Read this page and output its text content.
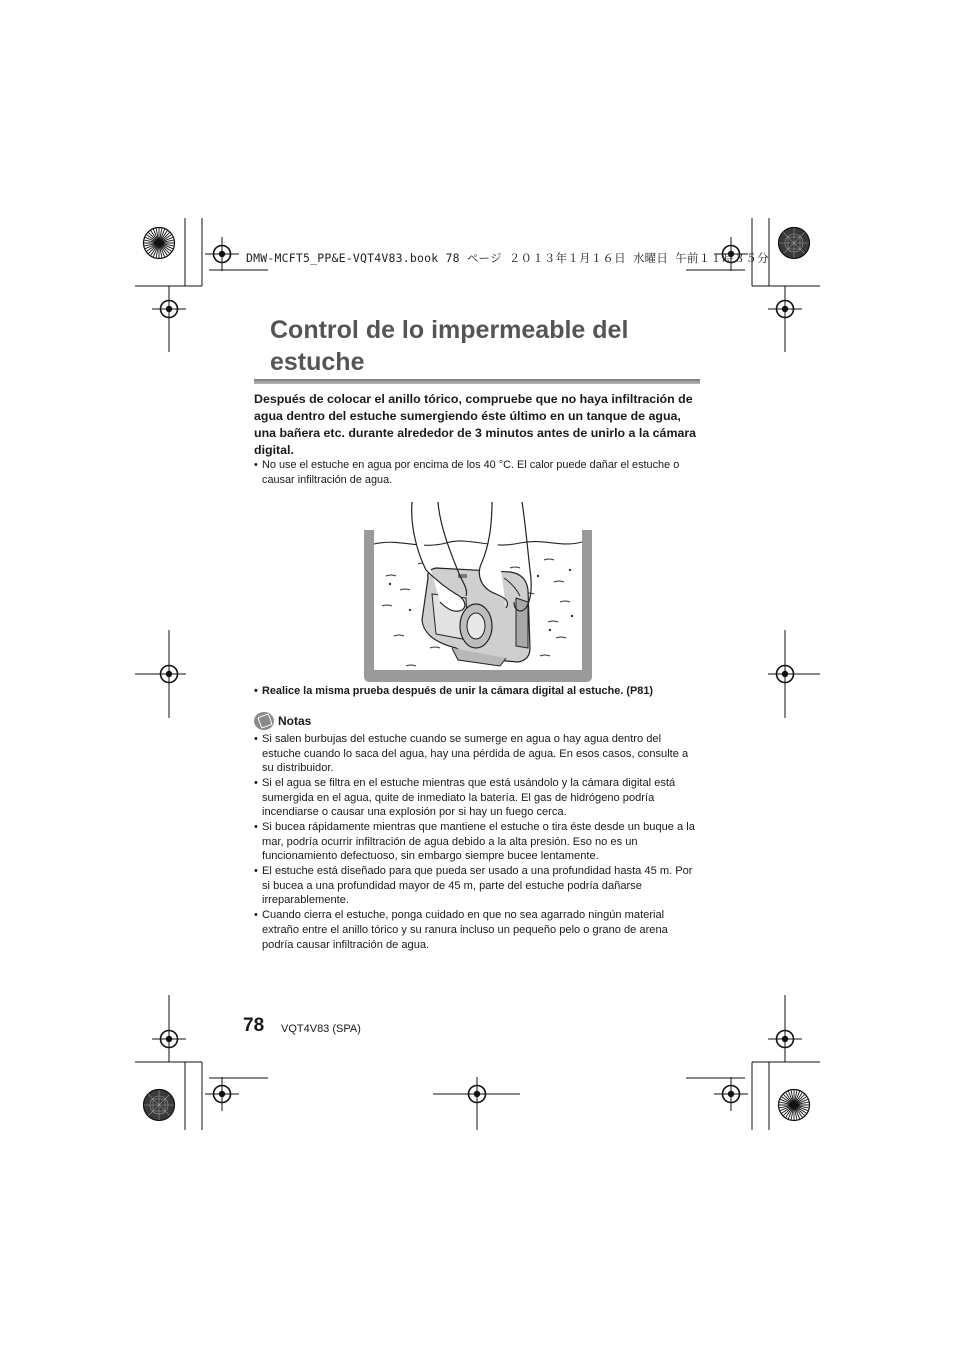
DMW-MCFT5_PP&E-VQT4V83.book 78 ページ ２０１３年１月１６日 水曜日 午前１１時３５分
Control de lo impermeable del
estuche
Después de colocar el anillo tórico, compruebe que no haya infiltración de agua dentro del estuche sumergiendo éste último en un tanque de agua, una bañera etc. durante alrededor de 3 minutos antes de unirlo a la cámara digital.
• No use el estuche en agua por encima de los 40 °C. El calor puede dañar el estuche o causar infiltración de agua.
• Realice la misma prueba después de unir la cámara digital al estuche. (P81)
Notas
• Si salen burbujas del estuche cuando se sumerge en agua o hay agua dentro del estuche cuando lo saca del agua, hay una pérdida de agua. En esos casos, consulte a su distribuidor.
• Si el agua se filtra en el estuche mientras que está usándolo y la cámara digital está sumergida en el agua, quite de inmediato la batería. El gas de hidrógeno podría incendiarse o causar una explosión por si hay un fuego cerca.
• Si bucea rápidamente mientras que mantiene el estuche o tira éste desde un buque a la mar, podría ocurrir infiltración de agua debido a la alta presión. Eso no es un funcionamiento defectuoso, sin embargo siempre bucee lentamente.
• El estuche está diseñado para que pueda ser usado a una profundidad hasta 45 m. Por si bucea a una profundidad mayor de 45 m, parte del estuche podría dañarse irreparablemente.
• Cuando cierra el estuche, ponga cuidado en que no sea agarrado ningún material extraño entre el anillo tórico y su ranura incluso un pequeño pelo o grano de arena podría causar infiltración de agua.
78 VQT4V83 (SPA)
